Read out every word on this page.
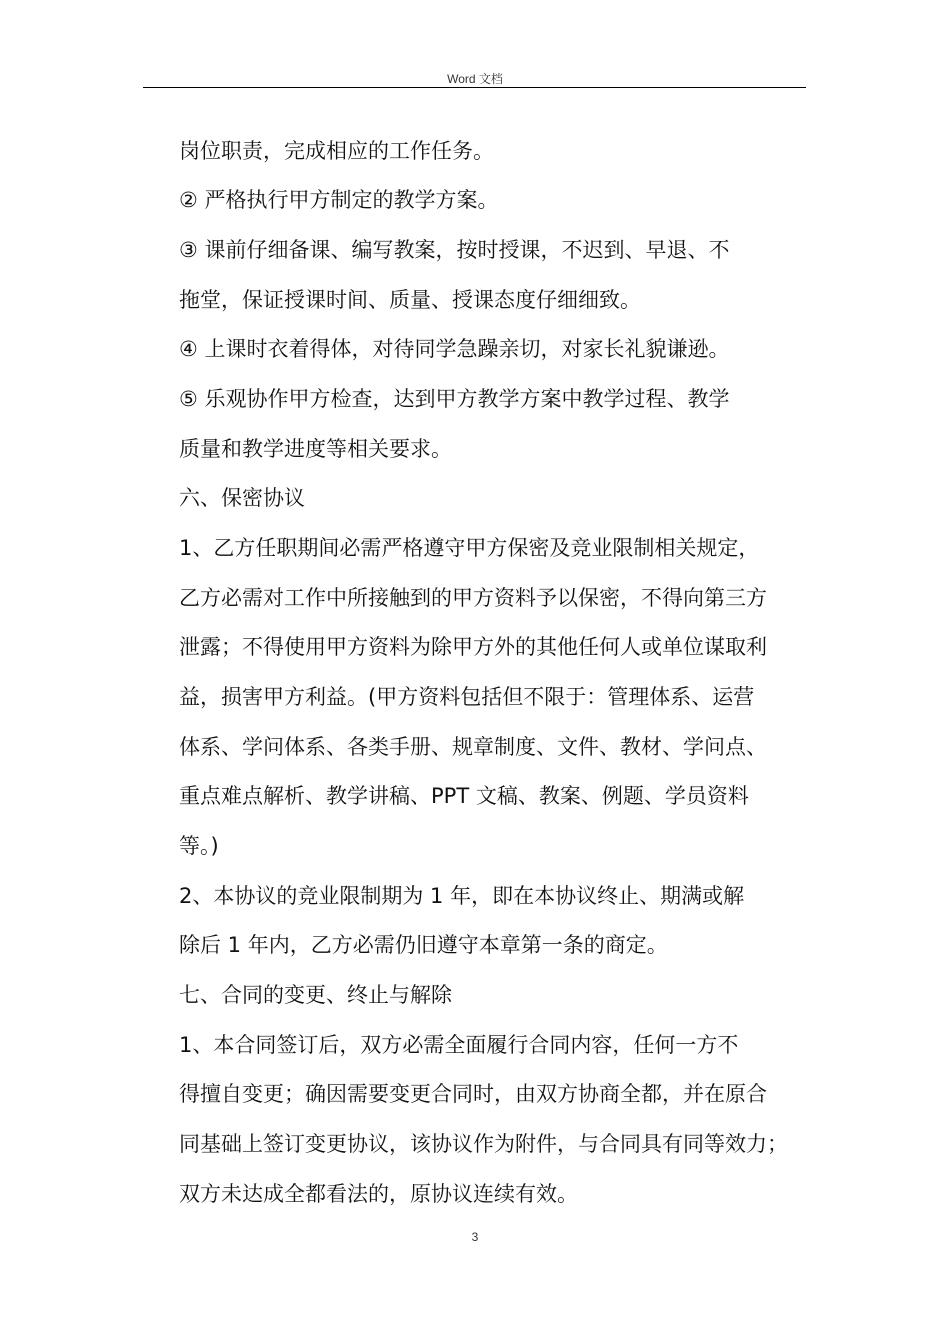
Word 文档
岗位职责，完成相应的工作任务。
② 严格执行甲方制定的教学方案。
③ 课前仔细备课、编写教案，按时授课，不迟到、早退、不
拖堂，保证授课时间、质量、授课态度仔细细致。
④ 上课时衣着得体，对待同学急躁亲切，对家长礼貌谦逊。
⑤ 乐观协作甲方检查，达到甲方教学方案中教学过程、教学
质量和教学进度等相关要求。
六、保密协议
1、乙方任职期间必需严格遵守甲方保密及竞业限制相关规定，
乙方必需对工作中所接触到的甲方资料予以保密，不得向第三方
泄露；不得使用甲方资料为除甲方外的其他任何人或单位谋取利
益，损害甲方利益。(甲方资料包括但不限于：管理体系、运营
体系、学问体系、各类手册、规章制度、文件、教材、学问点、
重点难点解析、教学讲稿、PPT 文稿、教案、例题、学员资料
等。)
2、本协议的竞业限制期为 1 年，即在本协议终止、期满或解
除后 1 年内，乙方必需仍旧遵守本章第一条的商定。
七、合同的变更、终止与解除
1、本合同签订后，双方必需全面履行合同内容，任何一方不
得擅自变更；确因需要变更合同时，由双方协商全都，并在原合
同基础上签订变更协议，该协议作为附件，与合同具有同等效力；
双方未达成全都看法的，原协议连续有效。
3
